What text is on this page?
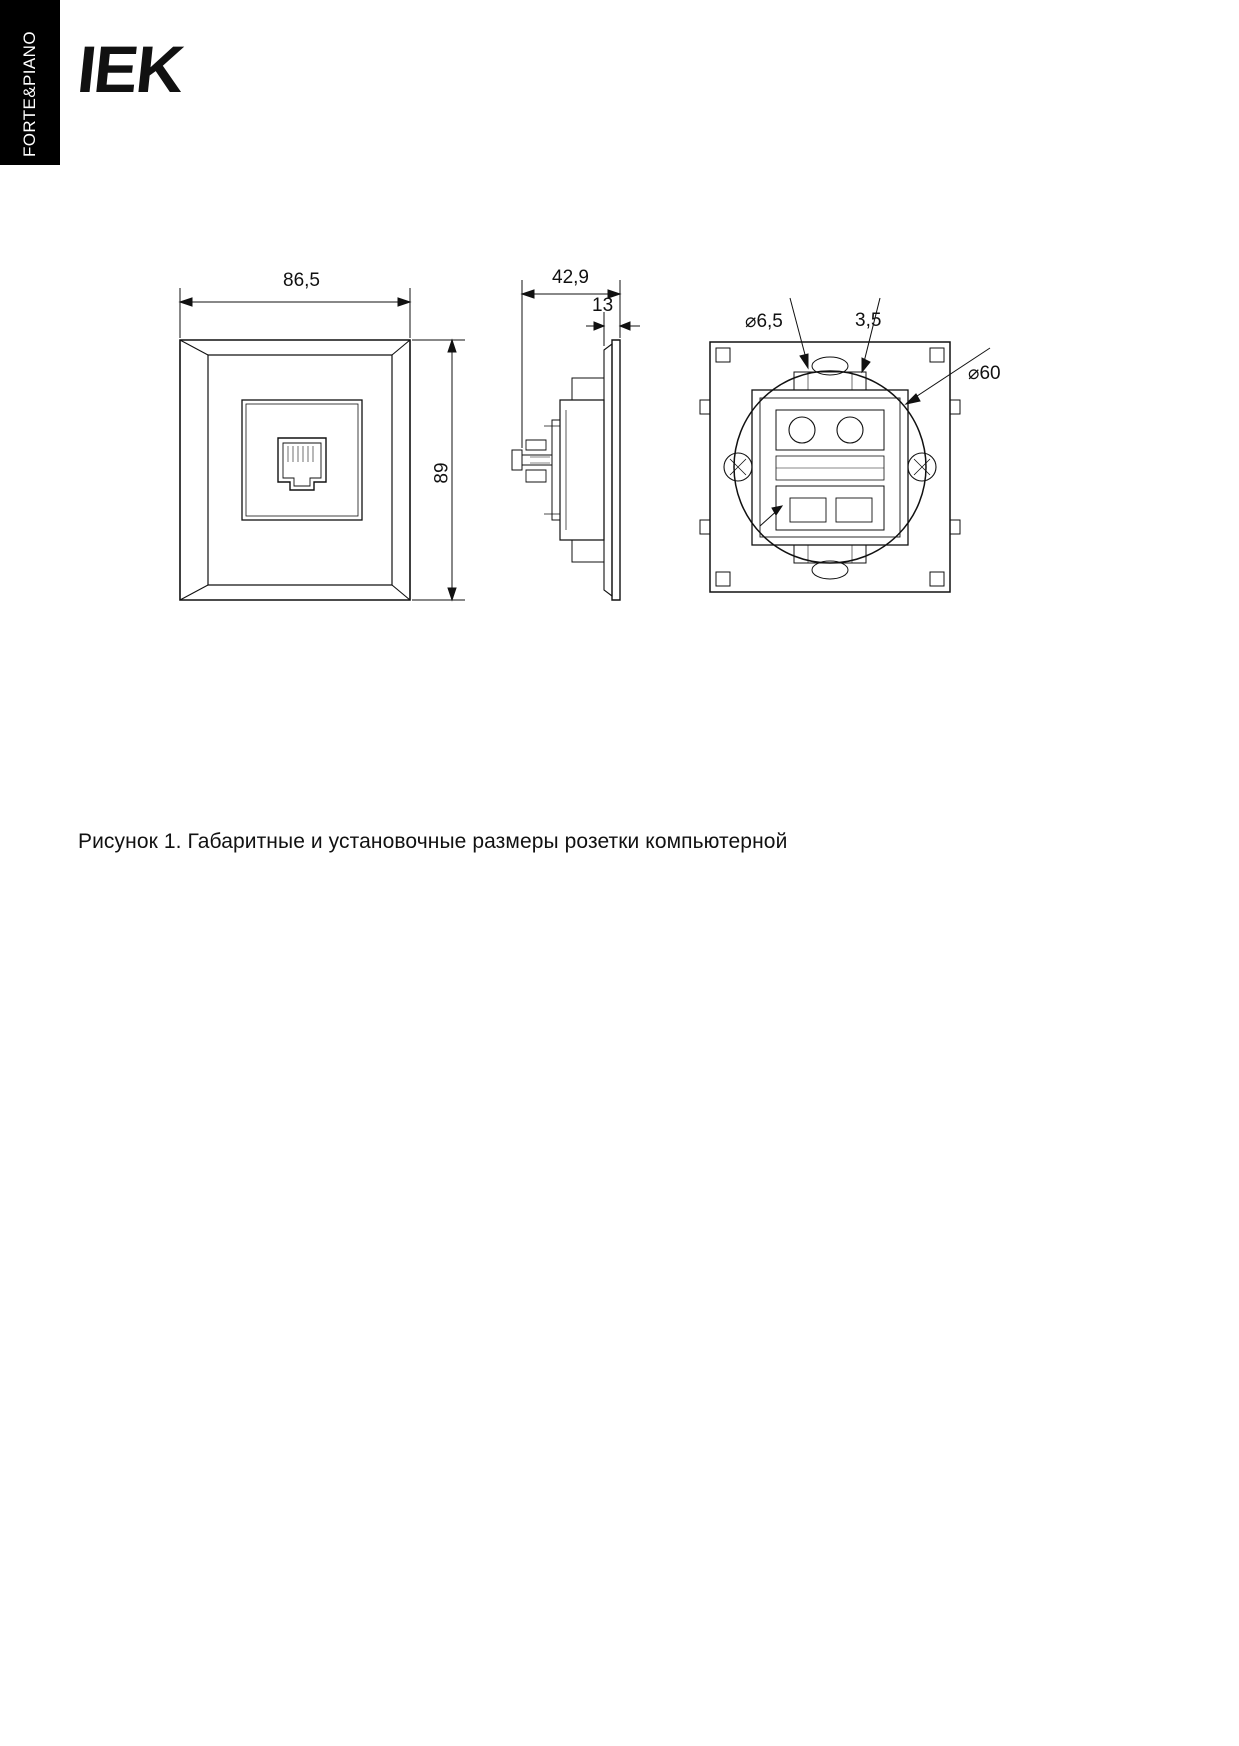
FORTE&PIANO IEK
86,5
89
42,9
13
⌀6,5	3,5
⌀60
Рисунок 1. Габаритные и установочные размеры розетки компьютерной
